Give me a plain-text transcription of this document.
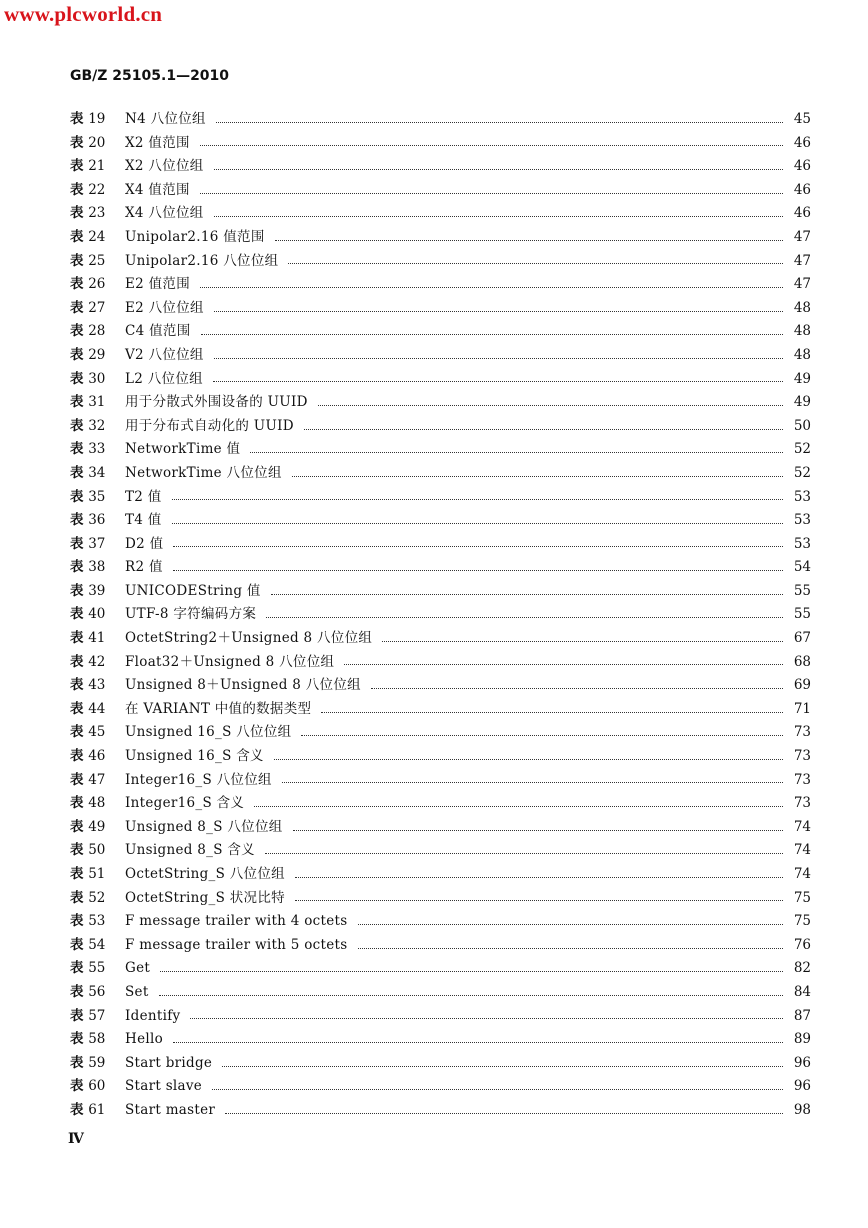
www.plcworld.cn
GB/Z 25105.1—2010
表 19	N4 八位位组	45
表 20	X2 值范围	46
表 21	X2 八位位组	46
表 22	X4 值范围	46
表 23	X4 八位位组	46
表 24	Unipolar2.16 值范围	47
表 25	Unipolar2.16 八位位组	47
表 26	E2 值范围	47
表 27	E2 八位位组	48
表 28	C4 值范围	48
表 29	V2 八位位组	48
表 30	L2 八位位组	49
表 31	用于分散式外围设备的 UUID	49
表 32	用于分布式自动化的 UUID	50
表 33	NetworkTime 值	52
表 34	NetworkTime 八位位组	52
表 35	T2 值	53
表 36	T4 值	53
表 37	D2 值	53
表 38	R2 值	54
表 39	UNICODEString 值	55
表 40	UTF-8 字符编码方案	55
表 41	OctetString2＋Unsigned 8 八位位组	67
表 42	Float32＋Unsigned 8 八位位组	68
表 43	Unsigned 8＋Unsigned 8 八位位组	69
表 44	在 VARIANT 中值的数据类型	71
表 45	Unsigned 16_S 八位位组	73
表 46	Unsigned 16_S 含义	73
表 47	Integer16_S 八位位组	73
表 48	Integer16_S 含义	73
表 49	Unsigned 8_S 八位位组	74
表 50	Unsigned 8_S 含义	74
表 51	OctetString_S 八位位组	74
表 52	OctetString_S 状况比特	75
表 53	F message trailer with 4 octets	75
表 54	F message trailer with 5 octets	76
表 55	Get	82
表 56	Set	84
表 57	Identify	87
表 58	Hello	89
表 59	Start bridge	96
表 60	Start slave	96
表 61	Start master	98
Ⅳ
